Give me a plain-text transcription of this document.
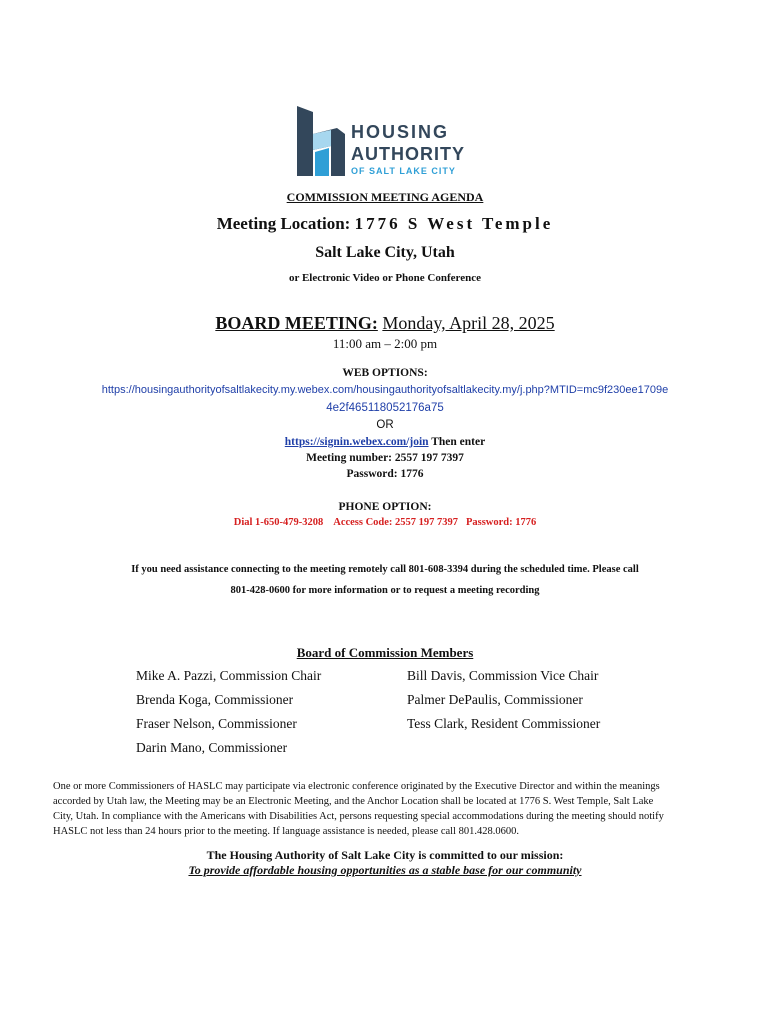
HOUSING
AUTHORITY
OF SALT LAKE CITY
COMMISSION MEETING AGENDA
Meeting Location: 1776 S West Temple
Salt Lake City, Utah
or Electronic Video or Phone Conference
BOARD MEETING: Monday, April 28, 2025
11:00 am – 2:00 pm
WEB OPTIONS:
https://housingauthorityofsaltlakecity.my.webex.com/housingauthorityofsaltlakecity.my/j.php?MTID=mc9f230ee1709e
4e2f465118052176a75
OR
https://signin.webex.com/join Then enter
Meeting number: 2557 197 7397
Password: 1776
PHONE OPTION:
Dial 1-650-479-3208 Access Code: 2557 197 7397 Password: 1776
If you need assistance connecting to the meeting remotely call 801-608-3394 during the scheduled time. Please call
801-428-0600 for more information or to request a meeting recording
Board of Commission Members
Mike A. Pazzi, Commission Chair
Brenda Koga, Commissioner
Fraser Nelson, Commissioner
Darin Mano, Commissioner
Bill Davis, Commission Vice Chair
Palmer DePaulis, Commissioner
Tess Clark, Resident Commissioner
One or more Commissioners of HASLC may participate via electronic conference originated by the Executive Director and within the meanings
accorded by Utah law, the Meeting may be an Electronic Meeting, and the Anchor Location shall be located at 1776 S. West Temple, Salt Lake
City, Utah. In compliance with the Americans with Disabilities Act, persons requesting special accommodations during the meeting should notify
HASLC not less than 24 hours prior to the meeting. If language assistance is needed, please call 801.428.0600.
The Housing Authority of Salt Lake City is committed to our mission:
To provide affordable housing opportunities as a stable base for our community
